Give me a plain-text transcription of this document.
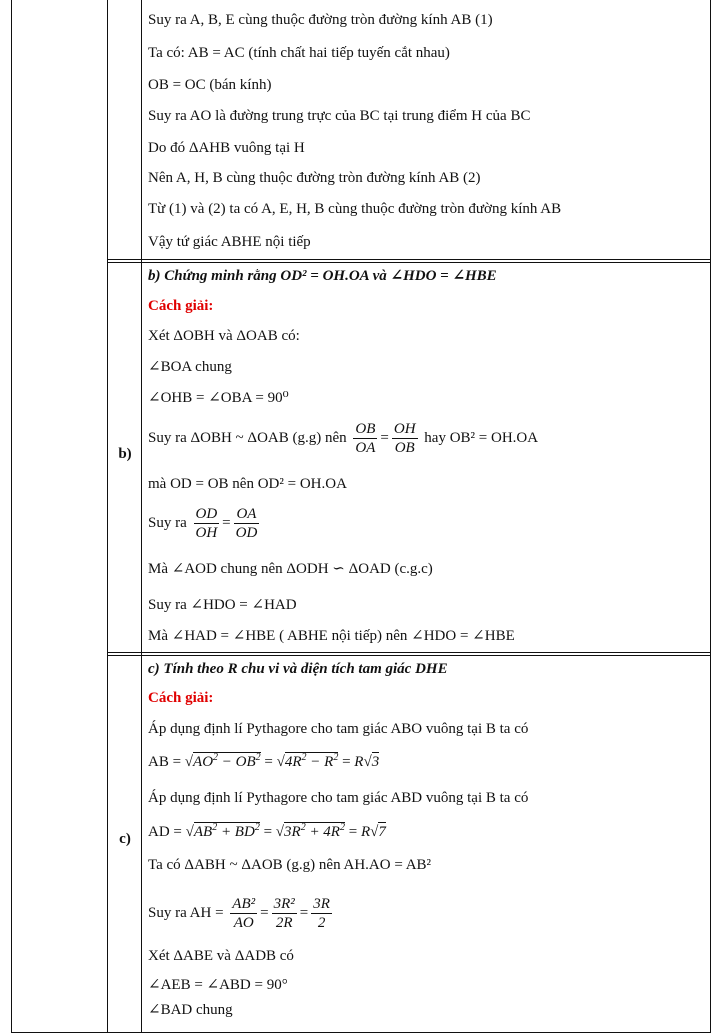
Suy ra A, B, E cùng thuộc đường tròn đường kính AB (1)
Ta có: AB = AC (tính chất hai tiếp tuyến cắt nhau)
OB = OC (bán kính)
Suy ra AO là đường trung trực của BC tại trung điểm H của BC
Do đó ΔAHB vuông tại H
Nên A, H, B cùng thuộc đường tròn đường kính AB (2)
Từ (1) và (2) ta có A, E, H, B cùng thuộc đường tròn đường kính AB
Vậy tứ giác ABHE nội tiếp
b)
b) Chứng minh rằng OD² = OH.OA và ∠HDO = ∠HBE
Cách giải:
Xét ΔOBH và ΔOAB có:
∠BOA chung
∠OHB = ∠OBA = 90⁰
Suy ra ΔOBH ~ ΔOAB (g.g) nên $\frac{OB}{OA} = \frac{OH}{OB}$ hay OB² = OH.OA
mà OD = OB nên OD² = OH.OA
Suy ra $\frac{OD}{OH} = \frac{OA}{OD}$
Mà ∠AOD chung nên ΔODH ∽ ΔOAD (c.g.c)
Suy ra ∠HDO = ∠HAD
Mà ∠HAD = ∠HBE ( ABHE nội tiếp) nên ∠HDO = ∠HBE
c)
c) Tính theo R chu vi và diện tích tam giác DHE
Cách giải:
Áp dụng định lí Pythagore cho tam giác ABO vuông tại B ta có
AB = $√AO^2 - OB^2 = √4R^2 - R^2 = R√3$
Áp dụng định lí Pythagore cho tam giác ABD vuông tại B ta có
AD = $√AB^2 + BD^2 = √3R^2 + 4R^2 = R√7$
Ta có ΔABH ~ ΔAOB (g.g) nên AH.AO = AB²
Suy ra AH = $\frac{\text{AB²}}{AO} = \frac{\text{3R²}}{2R} = \frac{3R}{2}$
Xét ΔABE và ΔADB có
∠AEB = ∠ABD = 90°
∠BAD chung
